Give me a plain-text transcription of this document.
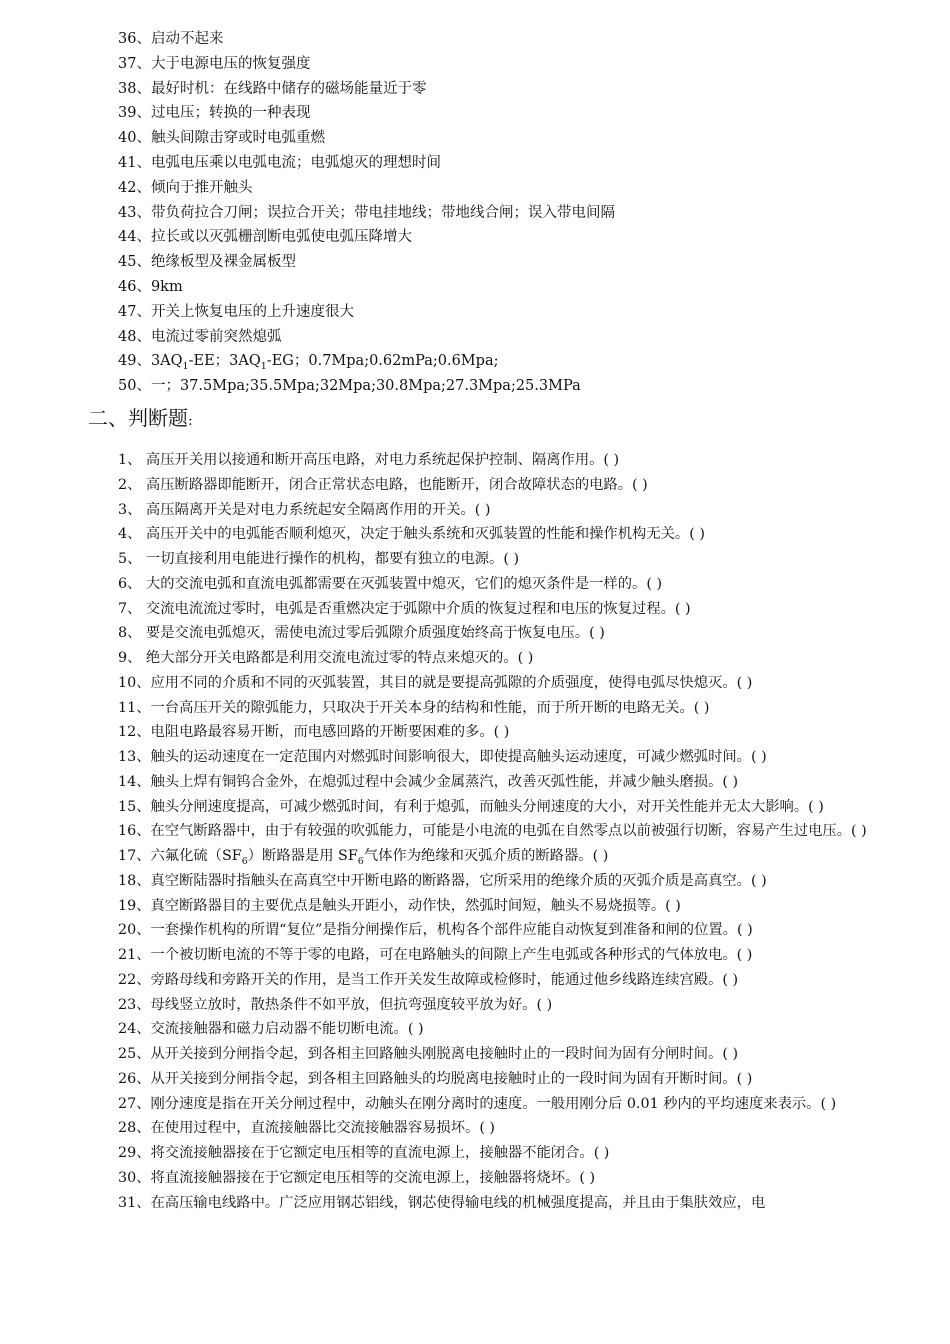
36、启动不起来
37、大于电源电压的恢复强度
38、最好时机：在线路中储存的磁场能量近于零
39、过电压；转换的一种表现
40、触头间隙击穿或时电弧重燃
41、电弧电压乘以电弧电流；电弧熄灭的理想时间
42、倾向于推开触头
43、带负荷拉合刀闸；误拉合开关；带电挂地线；带地线合闸；误入带电间隔
44、拉长或以灭弧栅剖断电弧使电弧压降增大
45、绝缘板型及裸金属板型
46、9km
47、开关上恢复电压的上升速度很大
48、电流过零前突然熄弧
49、$3AQ_1-EE$；$3AQ_1-EG$；0.7Mpa;0.62mPa;0.6Mpa;
50、一；37.5Mpa;35.5Mpa;32Mpa;30.8Mpa;27.3Mpa;25.3MPa
二、判断题:
1、 高压开关用以接通和断开高压电路，对电力系统起保护控制、隔离作用。( )
2、 高压断路器即能断开，闭合正常状态电路，也能断开，闭合故障状态的电路。( )
3、 高压隔离开关是对电力系统起安全隔离作用的开关。( )
4、 高压开关中的电弧能否顺利熄灭，决定于触头系统和灭弧装置的性能和操作机构无关。( )
5、 一切直接利用电能进行操作的机构，都要有独立的电源。( )
6、 大的交流电弧和直流电弧都需要在灭弧装置中熄灭，它们的熄灭条件是一样的。( )
7、 交流电流流过零时，电弧是否重燃决定于弧隙中介质的恢复过程和电压的恢复过程。( )
8、 要是交流电弧熄灭，需使电流过零后弧隙介质强度始终高于恢复电压。( )
9、 绝大部分开关电路都是利用交流电流过零的特点来熄灭的。( )
10、应用不同的介质和不同的灭弧装置，其目的就是要提高弧隙的介质强度，使得电弧尽快熄灭。( )
11、一台高压开关的隙弧能力，只取决于开关本身的结构和性能，而于所开断的电路无关。( )
12、电阻电路最容易开断，而电感回路的开断要困难的多。( )
13、触头的运动速度在一定范围内对燃弧时间影响很大，即使提高触头运动速度，可减少燃弧时间。( )
14、触头上焊有铜钨合金外，在熄弧过程中会减少金属蒸汽，改善灭弧性能，并减少触头磨损。( )
15、触头分闸速度提高，可减少燃弧时间，有利于熄弧，而触头分闸速度的大小，对开关性能并无太大影响。( )
16、在空气断路器中，由于有较强的吹弧能力，可能是小电流的电弧在自然零点以前被强行切断，容易产生过电压。( )
17、六氟化硫$(SF_6)$断路器是用 $SF_6$气体作为绝缘和灭弧介质的断路器。( )
18、真空断陆器时指触头在高真空中开断电路的断路器，它所采用的绝缘介质的灭弧介质是高真空。( )
19、真空断路器目的主要优点是触头开距小，动作快，然弧时间短，触头不易烧损等。( )
20、一套操作机构的所谓“复位”是指分闸操作后，机构各个部件应能自动恢复到准备和闸的位置。( )
21、一个被切断电流的不等于零的电路，可在电路触头的间隙上产生电弧或各种形式的气体放电。( )
22、旁路母线和旁路开关的作用，是当工作开关发生故障或检修时，能通过他乡线路连续宫殿。( )
23、母线竖立放时，散热条件不如平放，但抗弯强度较平放为好。( )
24、交流接触器和磁力启动器不能切断电流。( )
25、从开关接到分闸指令起，到各相主回路触头刚脱离电接触时止的一段时间为固有分闸时间。( )
26、从开关接到分闸指令起，到各相主回路触头的均脱离电接触时止的一段时间为固有开断时间。( )
27、刚分速度是指在开关分闸过程中，动触头在刚分离时的速度。一般用刚分后 0.01 秒内的平均速度来表示。( )
28、在使用过程中，直流接触器比交流接触器容易损坏。( )
29、将交流接触器接在于它额定电压相等的直流电源上，接触器不能闭合。( )
30、将直流接触器接在于它额定电压相等的交流电源上，接触器将烧坏。( )
31、在高压输电线路中。广泛应用钢芯铝线，钢芯使得输电线的机械强度提高，并且由于集肤效应，电
